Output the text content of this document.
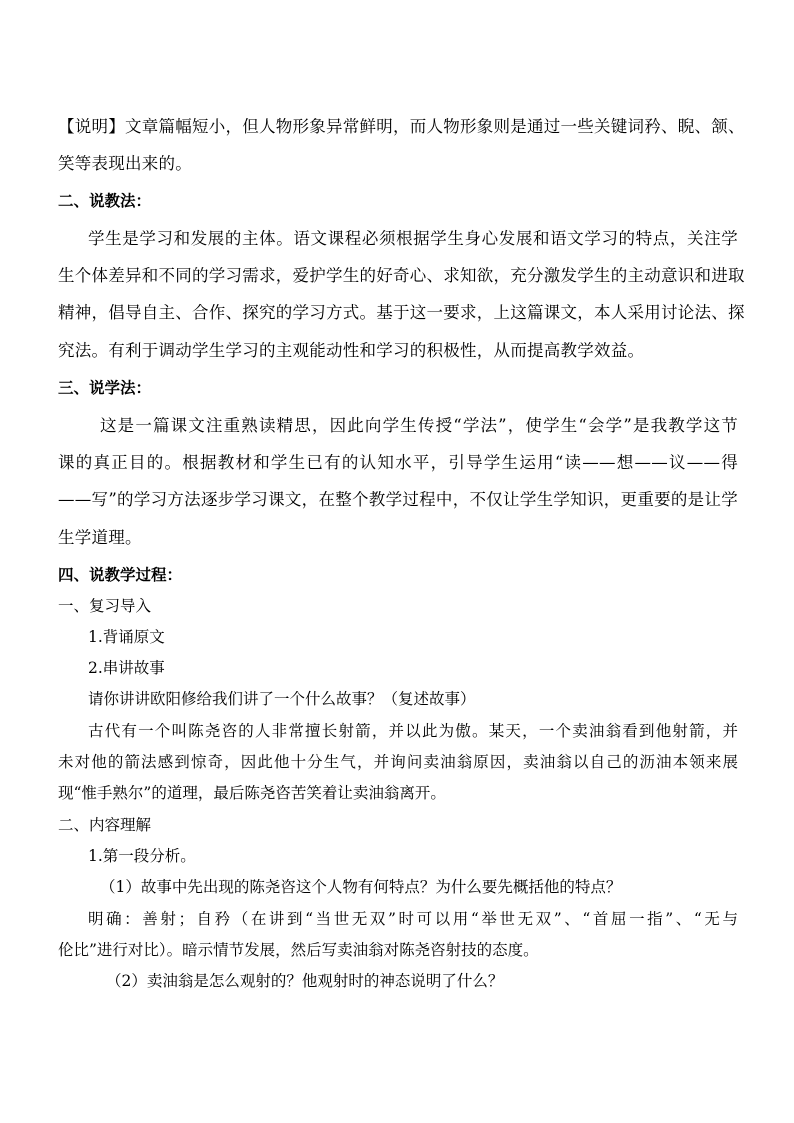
【说明】文章篇幅短小，但人物形象异常鲜明，而人物形象则是通过一些关键词矜、睨、颔、
笑等表现出来的。
二、说教法：
学生是学习和发展的主体。语文课程必须根据学生身心发展和语文学习的特点，关注学
生个体差异和不同的学习需求，爱护学生的好奇心、求知欲，充分激发学生的主动意识和进取
精神，倡导自主、合作、探究的学习方式。基于这一要求，上这篇课文，本人采用讨论法、探
究法。有利于调动学生学习的主观能动性和学习的积极性，从而提高教学效益。
三、说学法：
这是一篇课文注重熟读精思，因此向学生传授“学法”，使学生“会学”是我教学这节
课的真正目的。根据教材和学生已有的认知水平，引导学生运用“读——想——议——得
——写”的学习方法逐步学习课文，在整个教学过程中，不仅让学生学知识，更重要的是让学
生学道理。
四、说教学过程：
一、复习导入
1.背诵原文
2.串讲故事
请你讲讲欧阳修给我们讲了一个什么故事？（复述故事）
古代有一个叫陈尧咨的人非常擅长射箭，并以此为傲。某天，一个卖油翁看到他射箭，并
未对他的箭法感到惊奇，因此他十分生气，并询问卖油翁原因，卖油翁以自己的沥油本领来展
现“惟手熟尔”的道理，最后陈尧咨苦笑着让卖油翁离开。
二、内容理解
1.第一段分析。
（1）故事中先出现的陈尧咨这个人物有何特点？为什么要先概括他的特点？
明确：善射；自矜（在讲到“当世无双”时可以用“举世无双”、“首屈一指”、“无与
伦比”进行对比）。暗示情节发展，然后写卖油翁对陈尧咨射技的态度。
（2）卖油翁是怎么观射的？他观射时的神态说明了什么？
